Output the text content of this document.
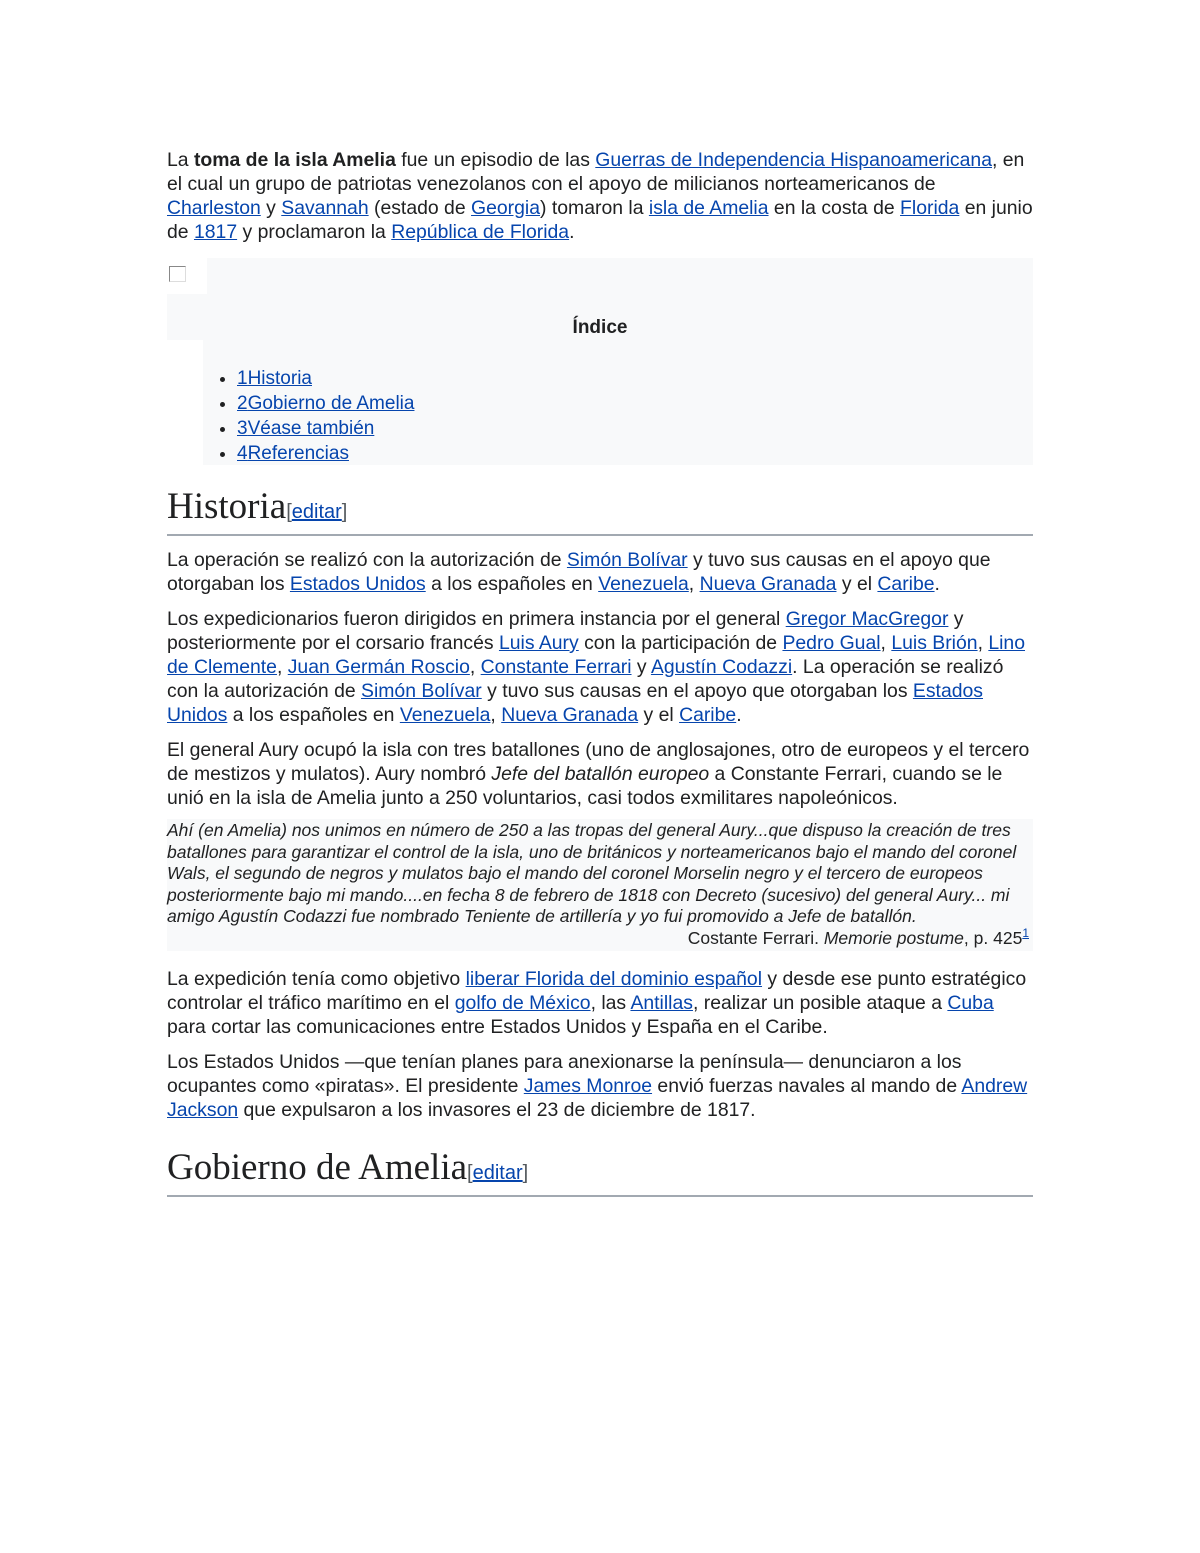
La toma de la isla Amelia fue un episodio de las Guerras de Independencia Hispanoamericana, en el cual un grupo de patriotas venezolanos con el apoyo de milicianos norteamericanos de Charleston y Savannah (estado de Georgia) tomaron la isla de Amelia en la costa de Florida en junio de 1817 y proclamaron la República de Florida.

Índice
• 1Historia
• 2Gobierno de Amelia
• 3Véase también
• 4Referencias
Historia[editar]

La operación se realizó con la autorización de Simón Bolívar y tuvo sus causas en el apoyo que otorgaban los Estados Unidos a los españoles en Venezuela, Nueva Granada y el Caribe.

Los expedicionarios fueron dirigidos en primera instancia por el general Gregor MacGregor y posteriormente por el corsario francés Luis Aury con la participación de Pedro Gual, Luis Brión, Lino de Clemente, Juan Germán Roscio, Constante Ferrari y Agustín Codazzi. La operación se realizó con la autorización de Simón Bolívar y tuvo sus causas en el apoyo que otorgaban los Estados Unidos a los españoles en Venezuela, Nueva Granada y el Caribe.

El general Aury ocupó la isla con tres batallones (uno de anglosajones, otro de europeos y el tercero de mestizos y mulatos). Aury nombró Jefe del batallón europeo a Constante Ferrari, cuando se le unió en la isla de Amelia junto a 250 voluntarios, casi todos exmilitares napoleónicos.

Ahí (en Amelia) nos unimos en número de 250 a las tropas del general Aury...que dispuso la creación de tres batallones para garantizar el control de la isla, uno de británicos y norteamericanos bajo el mando del coronel Wals, el segundo de negros y mulatos bajo el mando del coronel Morselin negro y el tercero de europeos posteriormente bajo mi mando....en fecha 8 de febrero de 1818 con Decreto (sucesivo) del general Aury... mi amigo Agustín Codazzi fue nombrado Teniente de artillería y yo fui promovido a Jefe de batallón.
Costante Ferrari. Memorie postume, p. 425$^1$

La expedición tenía como objetivo liberar Florida del dominio español y desde ese punto estratégico controlar el tráfico marítimo en el golfo de México, las Antillas, realizar un posible ataque a Cuba para cortar las comunicaciones entre Estados Unidos y España en el Caribe.

Los Estados Unidos —que tenían planes para anexionarse la península— denunciaron a los ocupantes como «piratas». El presidente James Monroe envió fuerzas navales al mando de Andrew Jackson que expulsaron a los invasores el 23 de diciembre de 1817.

Gobierno de Amelia[editar]
